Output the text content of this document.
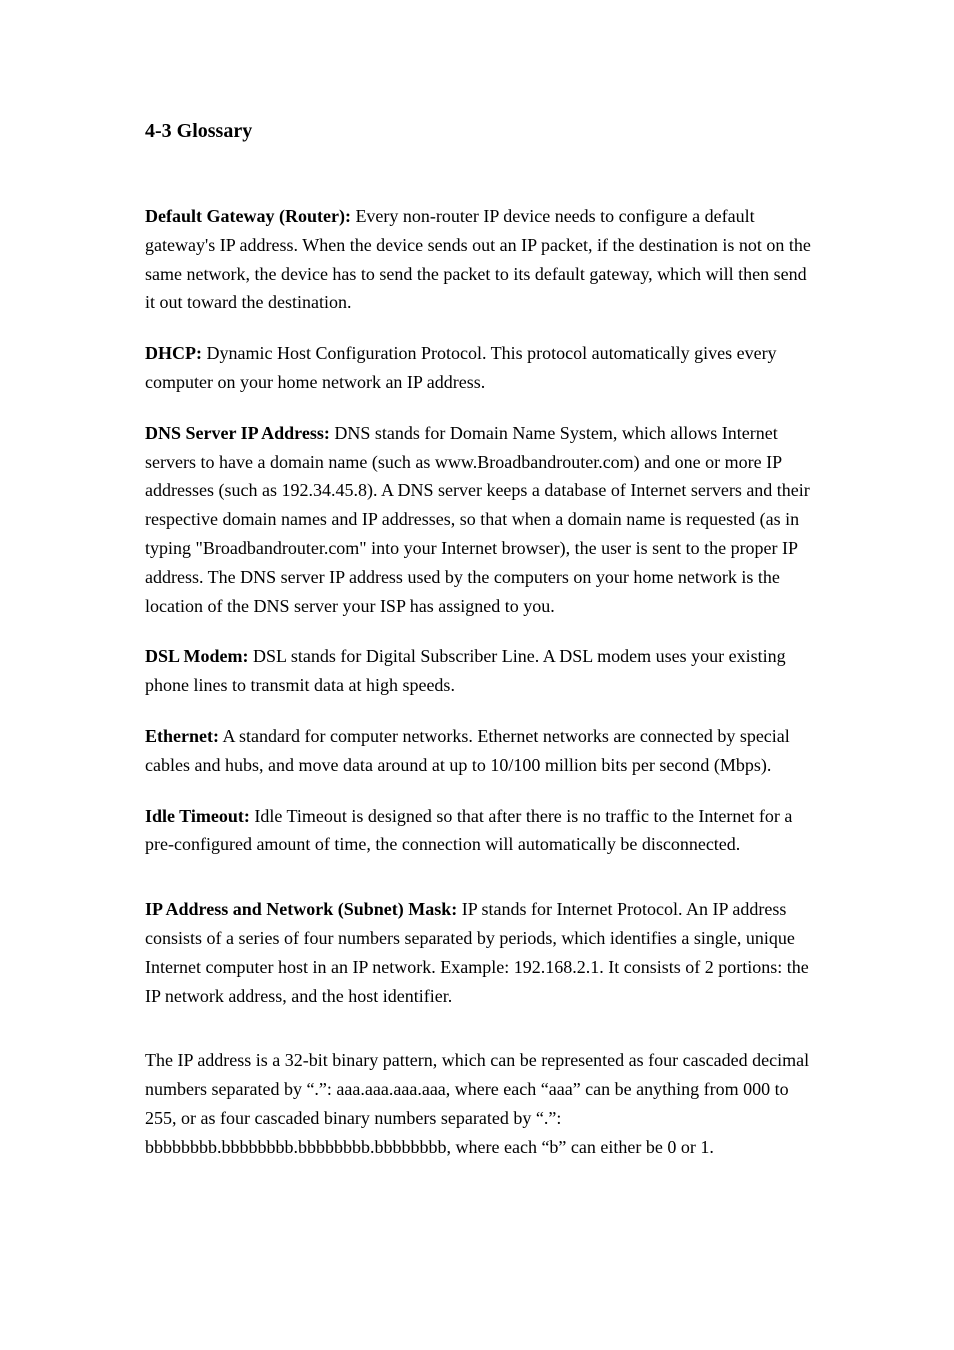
4-3 Glossary

Default Gateway (Router): Every non-router IP device needs to configure a default gateway's IP address. When the device sends out an IP packet, if the destination is not on the same network, the device has to send the packet to its default gateway, which will then send it out toward the destination.

DHCP: Dynamic Host Configuration Protocol. This protocol automatically gives every computer on your home network an IP address.

DNS Server IP Address: DNS stands for Domain Name System, which allows Internet servers to have a domain name (such as www.Broadbandrouter.com) and one or more IP addresses (such as 192.34.45.8). A DNS server keeps a database of Internet servers and their respective domain names and IP addresses, so that when a domain name is requested (as in typing "Broadbandrouter.com" into your Internet browser), the user is sent to the proper IP address. The DNS server IP address used by the computers on your home network is the location of the DNS server your ISP has assigned to you.

DSL Modem: DSL stands for Digital Subscriber Line. A DSL modem uses your existing phone lines to transmit data at high speeds.

Ethernet: A standard for computer networks. Ethernet networks are connected by special cables and hubs, and move data around at up to 10/100 million bits per second (Mbps).

Idle Timeout: Idle Timeout is designed so that after there is no traffic to the Internet for a pre-configured amount of time, the connection will automatically be disconnected.

IP Address and Network (Subnet) Mask: IP stands for Internet Protocol. An IP address consists of a series of four numbers separated by periods, which identifies a single, unique Internet computer host in an IP network. Example: 192.168.2.1. It consists of 2 portions: the IP network address, and the host identifier.

The IP address is a 32-bit binary pattern, which can be represented as four cascaded decimal numbers separated by “.”: aaa.aaa.aaa.aaa, where each “aaa” can be anything from 000 to 255, or as four cascaded binary numbers separated by “.”: bbbbbbbb.bbbbbbbb.bbbbbbbb.bbbbbbbb, where each “b” can either be 0 or 1.
